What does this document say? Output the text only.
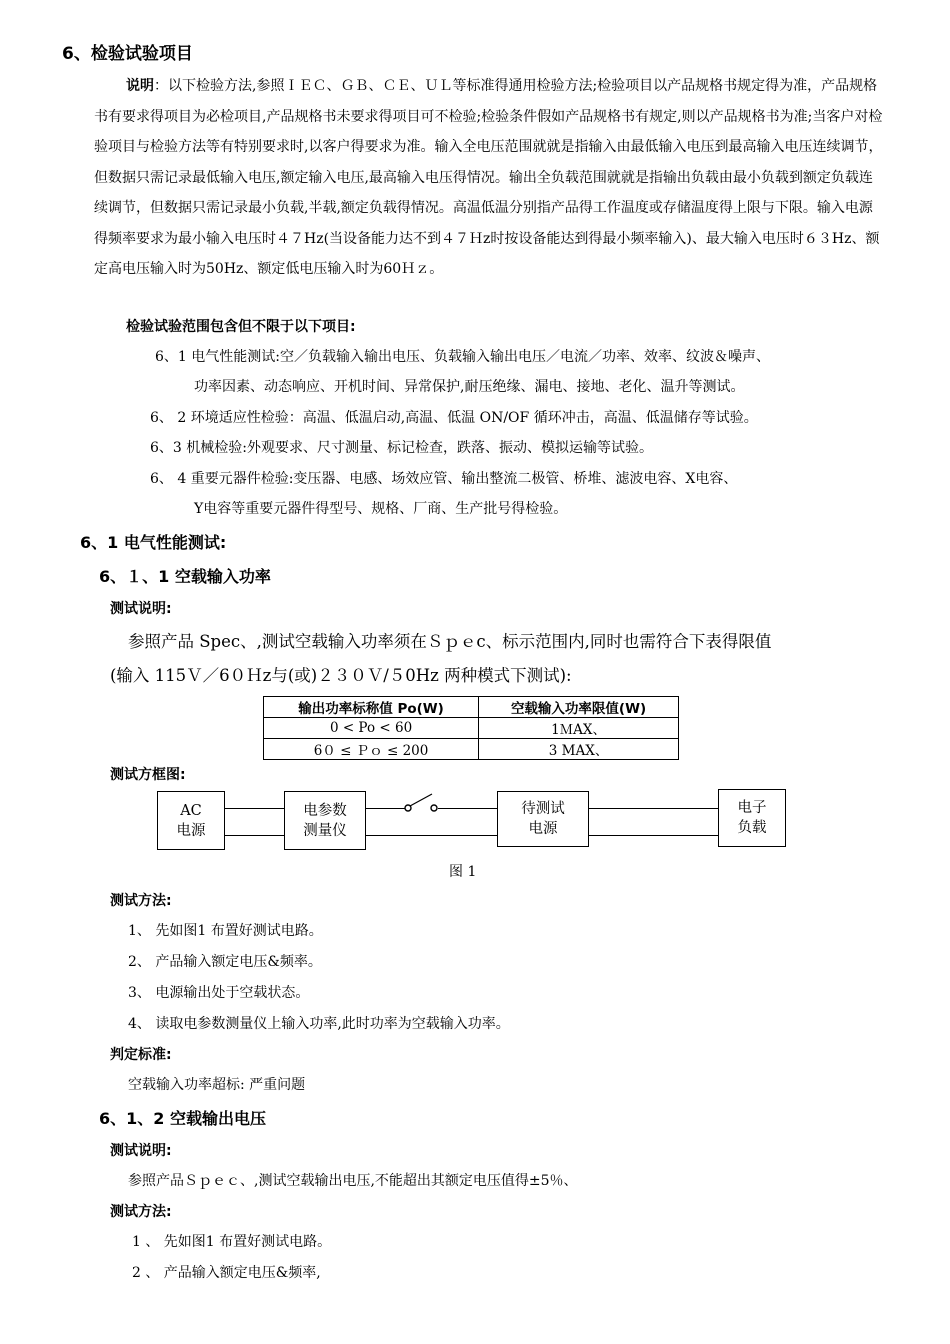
6、检验试验项目
说明：以下检验方法,参照ＩＥＣ、ＧＢ、ＣＥ、ＵＬ等标准得通用检验方法;检验项目以产品规格书规定得为准，产品规格书有要求得项目为必检项目,产品规格书未要求得项目可不检验;检验条件假如产品规格书有规定,则以产品规格书为准;当客户对检验项目与检验方法等有特别要求时,以客户得要求为准。输入全电压范围就就是指输入由最低输入电压到最高输入电压连续调节，但数据只需记录最低输入电压,额定输入电压,最高输入电压得情况。输出全负载范围就就是指输出负载由最小负载到额定负载连续调节，但数据只需记录最小负载,半载,额定负载得情况。高温低温分别指产品得工作温度或存储温度得上限与下限。输入电源得频率要求为最小输入电压时４７Hz(当设备能力达不到４７Ｈz时按设备能达到得最小频率输入)、最大输入电压时６３Hz、额定高电压输入时为50Hz、额定低电压输入时为60Ｈｚ。
检验试验范围包含但不限于以下项目:
6、1 电气性能测试:空／负载输入输出电压、负载输入输出电压／电流／功率、效率、纹波＆噪声、
功率因素、动态响应、开机时间、异常保护,耐压绝缘、漏电、接地、老化、温升等测试。
6、 2 环境适应性检验：高温、低温启动,高温、低温 ON/OF 循环冲击，高温、低温储存等试验。
6、3 机械检验:外观要求、尺寸测量、标记检查，跌落、振动、模拟运输等试验。
6、 4 重要元器件检验:变压器、电感、场效应管、输出整流二极管、桥堆、滤波电容、X电容、
Y电容等重要元器件得型号、规格、厂商、生产批号得检验。
6、1 电气性能测试:
6、１、1 空载输入功率
测试说明:
参照产品 Spec、,测试空载输入功率须在Ｓｐｅc、标示范围内,同时也需符合下表得限值
(输入 115Ｖ／6０Ｈz与(或)２３０Ｖ/５0Hz 两种模式下测试):
输出功率标称值 Po(W)	空载输入功率限值(W)
0 < Po < 60	1ＭAX、
6０ ≤ Ｐｏ ≤ 200	3 MAX、
测试方框图:
AC
电源
电参数
测量仪
待测试
电源
电子
负载
图 1
测试方法:
1、 先如图1 布置好测试电路。
2、 产品输入额定电压&频率。
3、 电源输出处于空载状态。
4、 读取电参数测量仪上输入功率,此时功率为空载输入功率。
判定标准:
空载输入功率超标: 严重问题
6、1、2 空载输出电压
测试说明:
参照产品Ｓｐｅｃ、,测试空载输出电压,不能超出其额定电压值得±5％、
测试方法:
1 、 先如图1 布置好测试电路。
2 、 产品输入额定电压&频率,
